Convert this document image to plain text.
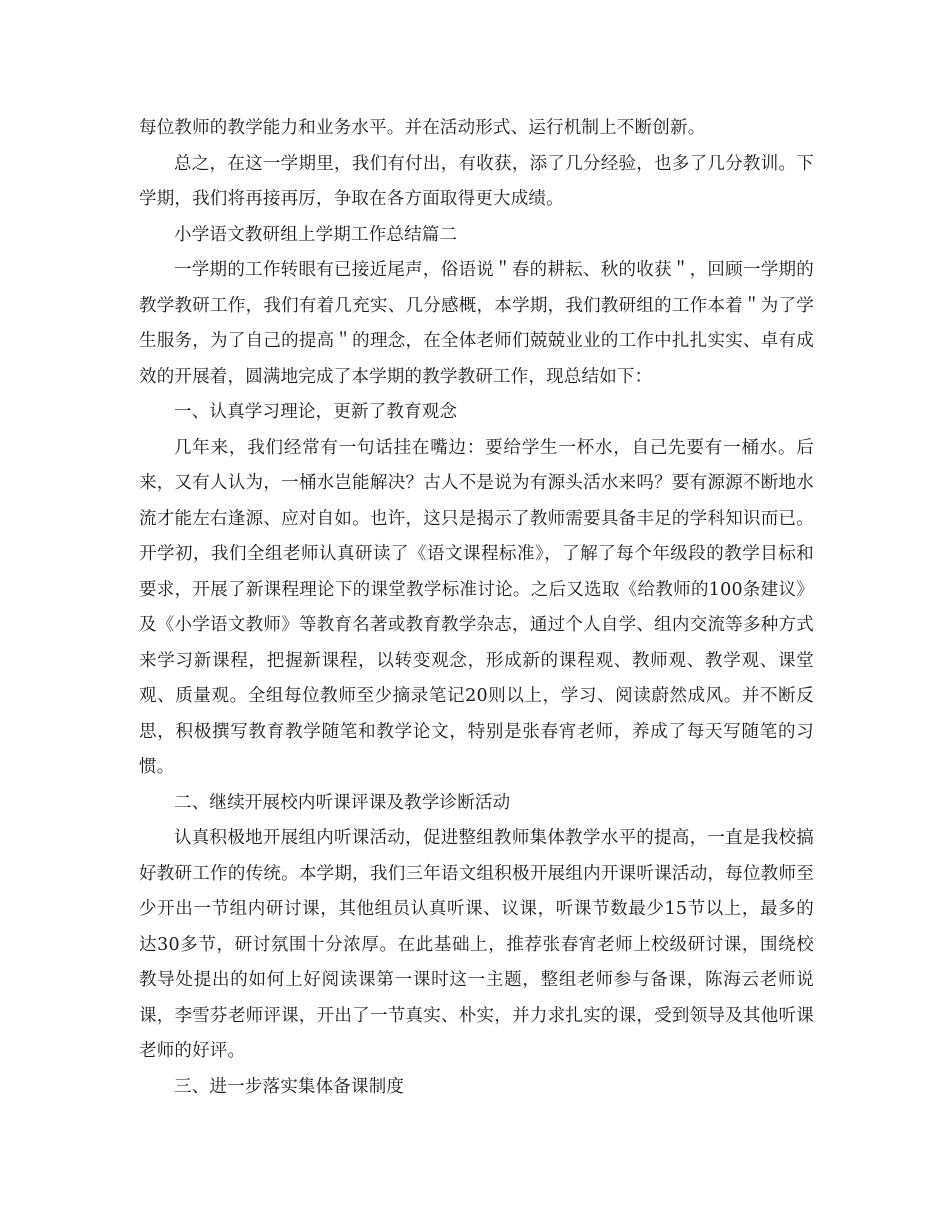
每位教师的教学能力和业务水平。并在活动形式、运行机制上不断创新。

总之，在这一学期里，我们有付出，有收获，添了几分经验，也多了几分教训。下学期，我们将再接再厉，争取在各方面取得更大成绩。

小学语文教研组上学期工作总结篇二

一学期的工作转眼有已接近尾声，俗语说＂春的耕耘、秋的收获＂，回顾一学期的教学教研工作，我们有着几充实、几分感概，本学期，我们教研组的工作本着＂为了学生服务，为了自己的提高＂的理念，在全体老师们兢兢业业的工作中扎扎实实、卓有成效的开展着，圆满地完成了本学期的教学教研工作，现总结如下：

一、认真学习理论，更新了教育观念

几年来，我们经常有一句话挂在嘴边：要给学生一杯水，自己先要有一桶水。后来，又有人认为，一桶水岂能解决？古人不是说为有源头活水来吗？要有源源不断地水流才能左右逢源、应对自如。也许，这只是揭示了教师需要具备丰足的学科知识而已。开学初，我们全组老师认真研读了《语文课程标准》，了解了每个年级段的教学目标和要求，开展了新课程理论下的课堂教学标准讨论。之后又选取《给教师的100条建议》及《小学语文教师》等教育名著或教育教学杂志，通过个人自学、组内交流等多种方式来学习新课程，把握新课程，以转变观念，形成新的课程观、教师观、教学观、课堂观、质量观。全组每位教师至少摘录笔记20则以上，学习、阅读蔚然成风。并不断反思，积极撰写教育教学随笔和教学论文，特别是张春宵老师，养成了每天写随笔的习惯。

二、继续开展校内听课评课及教学诊断活动

认真积极地开展组内听课活动，促进整组教师集体教学水平的提高，一直是我校搞好教研工作的传统。本学期，我们三年语文组积极开展组内开课听课活动，每位教师至少开出一节组内研讨课，其他组员认真听课、议课，听课节数最少15节以上，最多的达30多节，研讨氛围十分浓厚。在此基础上，推荐张春宵老师上校级研讨课，围绕校教导处提出的如何上好阅读课第一课时这一主题，整组老师参与备课，陈海云老师说课，李雪芬老师评课，开出了一节真实、朴实，并力求扎实的课，受到领导及其他听课老师的好评。

三、进一步落实集体备课制度
